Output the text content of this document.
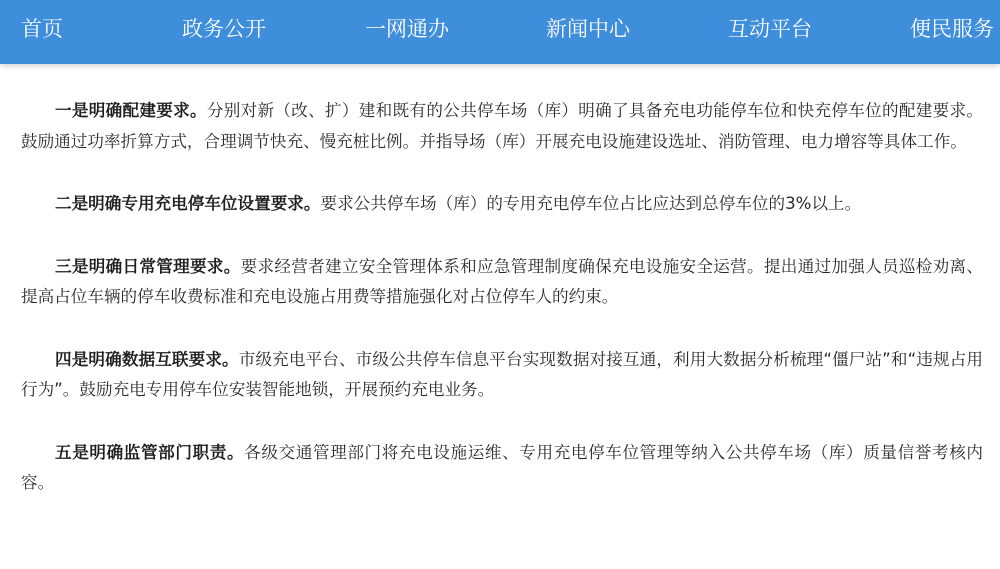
首页	政务公开	一网通办	新闻中心	互动平台	便民服务

一是明确配建要求。分别对新（改、扩）建和既有的公共停车场（库）明确了具备充电功能停车位和快充停车位的配建要求。鼓励通过功率折算方式，合理调节快充、慢充桩比例。并指导场（库）开展充电设施建设选址、消防管理、电力增容等具体工作。

二是明确专用充电停车位设置要求。要求公共停车场（库）的专用充电停车位占比应达到总停车位的3%以上。

三是明确日常管理要求。要求经营者建立安全管理体系和应急管理制度确保充电设施安全运营。提出通过加强人员巡检劝离、提高占位车辆的停车收费标准和充电设施占用费等措施强化对占位停车人的约束。

四是明确数据互联要求。市级充电平台、市级公共停车信息平台实现数据对接互通，利用大数据分析梳理“僵尸站”和“违规占用行为”。鼓励充电专用停车位安装智能地锁，开展预约充电业务。

五是明确监管部门职责。各级交通管理部门将充电设施运维、专用充电停车位管理等纳入公共停车场（库）质量信誉考核内容。
